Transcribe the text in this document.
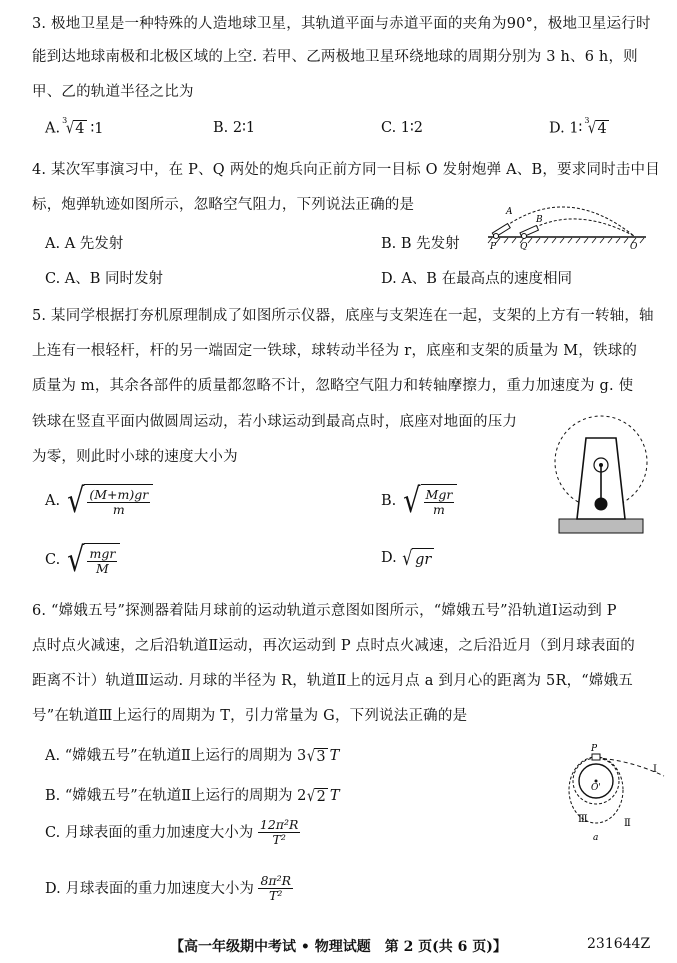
3. 极地卫星是一种特殊的人造地球卫星，其轨道平面与赤道平面的夹角为90°，极地卫星运行时
能到达地球南极和北极区域的上空. 若甲、乙两极地卫星环绕地球的周期分别为 3 h、6 h，则
甲、乙的轨道半径之比为
A. 3
√ 4 ∶1	B. 2∶1	C. 1∶2	D. 1∶ 3
√ 4
4. 某次军事演习中，在 P、Q 两处的炮兵向正前方同一目标 O 发射炮弹 A、B，要求同时击中目
标，炮弹轨迹如图所示，忽略空气阻力，下列说法正确的是
A. A 先发射	B. B 先发射
C. A、B 同时发射	D. A、B 在最高点的速度相同
A
B
P	Q	O
5. 某同学根据打夯机原理制成了如图所示仪器，底座与支架连在一起，支架的上方有一转轴，轴
上连有一根轻杆，杆的另一端固定一铁球，球转动半径为 r，底座和支架的质量为 M，铁球的
质量为 m，其余各部件的质量都忽略不计，忽略空气阻力和转轴摩擦力，重力加速度为 g. 使
铁球在竖直平面内做圆周运动，若小球运动到最高点时，底座对地面的压力
为零，则此时小球的速度大小为
A. √ $\frac{(M+m)gr}{m}$	B. √ $\frac{\text{Mgr}}{m}$
C. √ $\frac{\text{mgr}}{M}$	D. √ gr
6. “嫦娥五号”探测器着陆月球前的运动轨道示意图如图所示，“嫦娥五号”沿轨道Ⅰ运动到 P
点时点火减速，之后沿轨道Ⅱ运动，再次运动到 P 点时点火减速，之后沿近月（到月球表面的
距离不计）轨道Ⅲ运动. 月球的半径为 R，轨道Ⅱ上的远月点 a 到月心的距离为 5R，“嫦娥五
号”在轨道Ⅲ上运行的周期为 T，引力常量为 G，下列说法正确的是
A. “嫦娥五号”在轨道Ⅱ上运行的周期为 3 √ 3 T
B. “嫦娥五号”在轨道Ⅱ上运行的周期为 2 √ 2 T
C. 月球表面的重力加速度大小为 $\frac{\text{12π²R}}{\text{T²}}$
D. 月球表面的重力加速度大小为 $\frac{\text{8π²R}}{\text{T²}}$
P
O'
Ⅰ
Ⅱ
Ⅲ
a
【高一年级期中考试 • 物理试题　第 2 页(共 6 页)】	231644Z
